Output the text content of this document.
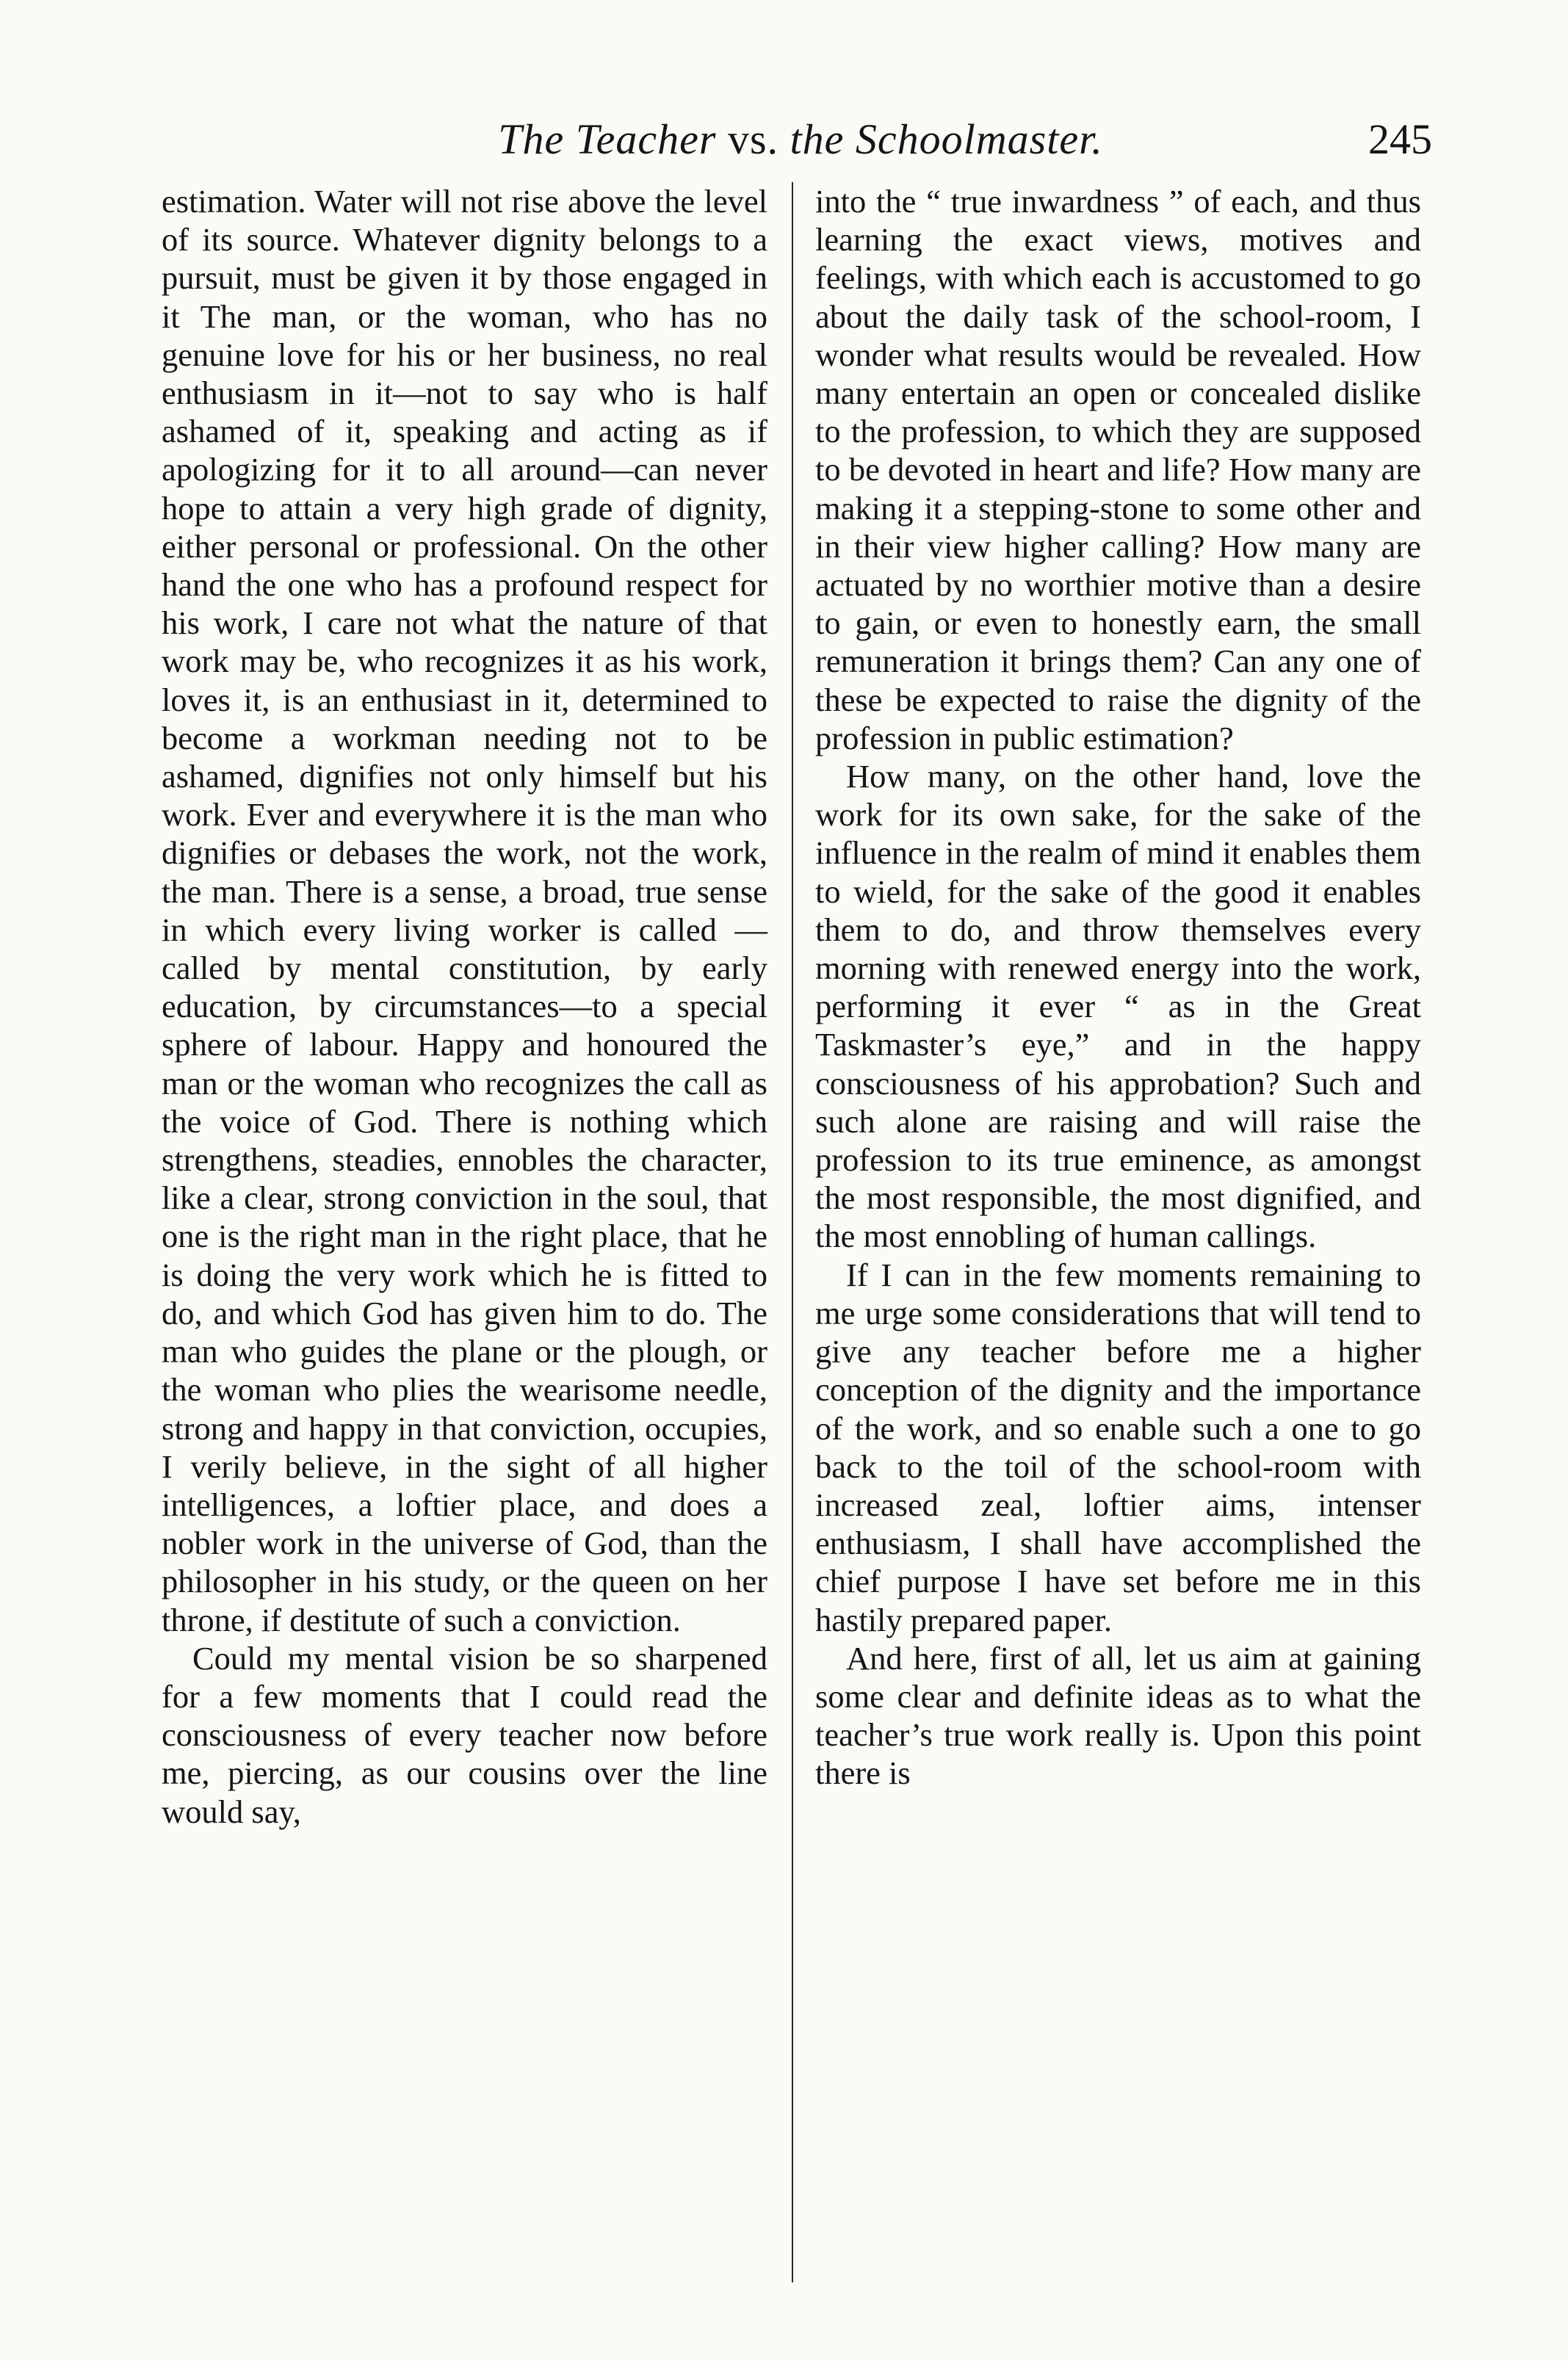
The Teacher vs. the Schoolmaster.	245

estimation. Water will not rise above the level of its source. Whatever dignity belongs to a pursuit, must be given it by those engaged in it The man, or the woman, who has no genuine love for his or her business, no real enthusiasm in it—not to say who is half ashamed of it, speaking and acting as if apologizing for it to all around—can never hope to attain a very high grade of dignity, either personal or professional. On the other hand the one who has a profound respect for his work, I care not what the nature of that work may be, who recognizes it as his work, loves it, is an enthusiast in it, determined to become a workman needing not to be ashamed, dignifies not only himself but his work. Ever and everywhere it is the man who dignifies or debases the work, not the work, the man. There is a sense, a broad, true sense in which every living worker is called —called by mental constitution, by early education, by circumstances—to a special sphere of labour. Happy and honoured the man or the woman who recognizes the call as the voice of God. There is nothing which strengthens, steadies, ennobles the character, like a clear, strong conviction in the soul, that one is the right man in the right place, that he is doing the very work which he is fitted to do, and which God has given him to do. The man who guides the plane or the plough, or the woman who plies the wearisome needle, strong and happy in that conviction, occupies, I verily believe, in the sight of all higher intelligences, a loftier place, and does a nobler work in the universe of God, than the philosopher in his study, or the queen on her throne, if destitute of such a conviction.

Could my mental vision be so sharpened for a few moments that I could read the consciousness of every teacher now before me, piercing, as our cousins over the line would say,

into the “ true inwardness ” of each, and thus learning the exact views, motives and feelings, with which each is accustomed to go about the daily task of the school-room, I wonder what results would be revealed. How many entertain an open or concealed dislike to the profession, to which they are supposed to be devoted in heart and life? How many are making it a stepping-stone to some other and in their view higher calling? How many are actuated by no worthier motive than a desire to gain, or even to honestly earn, the small remuneration it brings them? Can any one of these be expected to raise the dignity of the profession in public estimation?

How many, on the other hand, love the work for its own sake, for the sake of the influence in the realm of mind it enables them to wield, for the sake of the good it enables them to do, and throw themselves every morning with renewed energy into the work, performing it ever “ as in the Great Taskmaster’s eye,” and in the happy consciousness of his approbation? Such and such alone are raising and will raise the profession to its true eminence, as amongst the most responsible, the most dignified, and the most ennobling of human callings.

If I can in the few moments remaining to me urge some considerations that will tend to give any teacher before me a higher conception of the dignity and the importance of the work, and so enable such a one to go back to the toil of the school-room with increased zeal, loftier aims, intenser enthusiasm, I shall have accomplished the chief purpose I have set before me in this hastily prepared paper.

And here, first of all, let us aim at gaining some clear and definite ideas as to what the teacher’s true work really is. Upon this point there is
